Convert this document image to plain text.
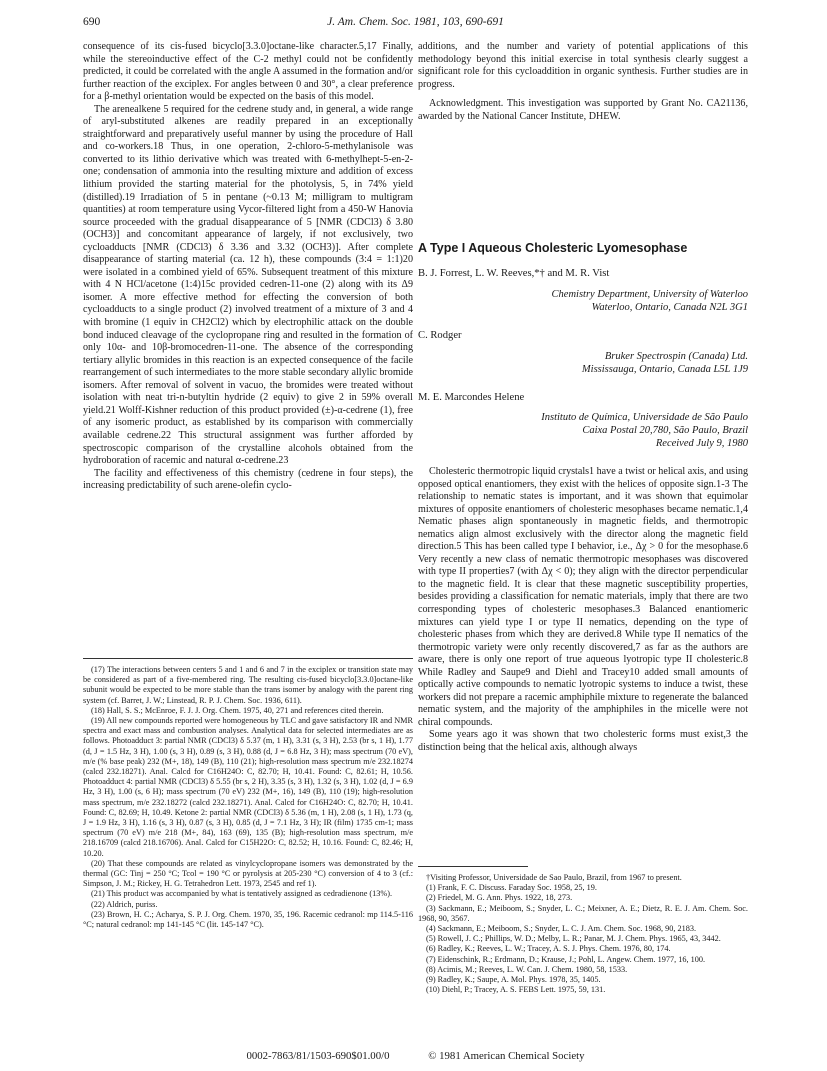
690	J. Am. Chem. Soc. 1981, 103, 690-691

consequence of its cis-fused bicyclo[3.3.0]octane-like character.5,17 Finally, while the stereoinductive effect of the C-2 methyl could not be confidently predicted, it could be correlated with the angle A assumed in the formation and/or further reaction of the exciplex. For angles between 0 and 30°, a clear preference for a β-methyl orientation would be expected on the basis of this model.

The arenealkene 5 required for the cedrene study and, in general, a wide range of aryl-substituted alkenes are readily prepared in an exceptionally straightforward and preparatively useful manner by using the procedure of Hall and co-workers.18 Thus, in one operation, 2-chloro-5-methylanisole was converted to its lithio derivative which was treated with 6-methylhept-5-en-2-one; condensation of ammonia into the resulting mixture and addition of excess lithium provided the starting material for the photolysis, 5, in 74% yield (distilled).19 Irradiation of 5 in pentane (~0.13 M; milligram to multigram quantities) at room temperature using Vycor-filtered light from a 450-W Hanovia source proceeded with the gradual disappearance of 5 [NMR (CDCl3) δ 3.80 (OCH3)] and concomitant appearance of largely, if not exclusively, two cycloadducts [NMR (CDCl3) δ 3.36 and 3.32 (OCH3)]. After complete disappearance of starting material (ca. 12 h), these compounds (3:4 = 1:1)20 were isolated in a combined yield of 65%. Subsequent treatment of this mixture with 4 N HCl/acetone (1:4)15c provided cedren-11-one (2) along with its Δ9 isomer. A more effective method for effecting the conversion of both cycloadducts to a single product (2) involved treatment of a mixture of 3 and 4 with bromine (1 equiv in CH2Cl2) which by electrophilic attack on the double bond induced cleavage of the cyclopropane ring and resulted in the formation of only 10α- and 10β-bromocedren-11-one. The absence of the corresponding tertiary allylic bromides in this reaction is an expected consequence of the facile rearrangement of such intermediates to the more stable secondary allylic bromide isomers. After removal of solvent in vacuo, the bromides were treated without isolation with neat tri-n-butyltin hydride (2 equiv) to give 2 in 59% overall yield.21 Wolff-Kishner reduction of this product provided (±)-α-cedrene (1), free of any isomeric product, as established by its comparison with commercially available cedrene.22 This structural assignment was further afforded by spectroscopic comparison of the crystalline alcohols obtained from the hydroboration of racemic and natural α-cedrene.23

The facility and effectiveness of this chemistry (cedrene in four steps), the increasing predictability of such arene-olefin cyclo-

(17) The interactions between centers 5 and 1 and 6 and 7 in the exciplex or transition state may be considered as part of a five-membered ring. The resulting cis-fused bicyclo[3.3.0]octane-like subunit would be expected to be more stable than the trans isomer by analogy with the parent ring system (cf. Barret, J. W.; Linstead, R. P. J. Chem. Soc. 1936, 611).

(18) Hall, S. S.; McEnroe, F. J. J. Org. Chem. 1975, 40, 271 and references cited therein.

(19) All new compounds reported were homogeneous by TLC and gave satisfactory IR and NMR spectra and exact mass and combustion analyses. Analytical data for selected intermediates are as follows. Photoadduct 3: partial NMR (CDCl3) δ 5.37 (m, 1 H), 3.31 (s, 3 H), 2.53 (br s, 1 H), 1.77 (d, J = 1.5 Hz, 3 H), 1.00 (s, 3 H), 0.89 (s, 3 H), 0.88 (d, J = 6.8 Hz, 3 H); mass spectrum (70 eV), m/e (% base peak) 232 (M+, 18), 149 (B), 110 (21); high-resolution mass spectrum m/e 232.18274 (calcd 232.18271). Anal. Calcd for C16H24O: C, 82.70; H, 10.41. Found: C, 82.61; H, 10.56. Photoadduct 4: partial NMR (CDCl3) δ 5.55 (br s, 2 H), 3.35 (s, 3 H), 1.32 (s, 3 H), 1.02 (d, J = 6.9 Hz, 3 H), 1.00 (s, 6 H); mass spectrum (70 eV) 232 (M+, 16), 149 (B), 110 (19); high-resolution mass spectrum, m/e 232.18272 (calcd 232.18271). Anal. Calcd for C16H24O: C, 82.70; H, 10.41. Found: C, 82.69; H, 10.49. Ketone 2: partial NMR (CDCl3) δ 5.36 (m, 1 H), 2.08 (s, 1 H), 1.73 (q, J = 1.9 Hz, 3 H), 1.16 (s, 3 H), 0.87 (s, 3 H), 0.85 (d, J = 7.1 Hz, 3 H); IR (film) 1735 cm-1; mass spectrum (70 eV) m/e 218 (M+, 84), 163 (69), 135 (B); high-resolution mass spectrum, m/e 218.16709 (calcd 218.16706). Anal. Calcd for C15H22O: C, 82.52; H, 10.16. Found: C, 82.46; H, 10.20.

(20) That these compounds are related as vinylcyclopropane isomers was demonstrated by the thermal (GC: Tinj = 250 °C; Tcol = 190 °C or pyrolysis at 205-230 °C) conversion of 4 to 3 (cf.: Simpson, J. M.; Rickey, H. G. Tetrahedron Lett. 1973, 2545 and ref 1).

(21) This product was accompanied by what is tentatively assigned as cedradienone (13%).

(22) Aldrich, puriss.

(23) Brown, H. C.; Acharya, S. P. J. Org. Chem. 1970, 35, 196. Racemic cedranol: mp 114.5-116 °C; natural cedranol: mp 141-145 °C (lit. 145-147 °C).

additions, and the number and variety of potential applications of this methodology beyond this initial exercise in total synthesis clearly suggest a significant role for this cycloaddition in organic synthesis. Further studies are in progress.

Acknowledgment. This investigation was supported by Grant No. CA21136, awarded by the National Cancer Institute, DHEW.

A Type I Aqueous Cholesteric Lyomesophase
B. J. Forrest, L. W. Reeves,*† and M. R. Vist
Chemistry Department, University of Waterloo
Waterloo, Ontario, Canada N2L 3G1
C. Rodger
Bruker Spectrospin (Canada) Ltd.
Mississauga, Ontario, Canada L5L 1J9
M. E. Marcondes Helene
Instituto de Química, Universidade de São Paulo
Caixa Postal 20,780, São Paulo, Brazil
Received July 9, 1980

Cholesteric thermotropic liquid crystals1 have a twist or helical axis, and using opposed optical enantiomers, they exist with the helices of opposite sign.1-3 The relationship to nematic states is important, and it was shown that equimolar mixtures of opposite enantiomers of cholesteric mesophases became nematic.1,4 Nematic phases align spontaneously in magnetic fields, and thermotropic nematics align almost exclusively with the director along the magnetic field direction.5 This has been called type I behavior, i.e., Δχ > 0 for the mesophase.6 Very recently a new class of nematic thermotropic mesophases was discovered with type II properties7 (with Δχ < 0); they align with the director perpendicular to the magnetic field. It is clear that these magnetic susceptibility properties, besides providing a classification for nematic materials, imply that there are two corresponding types of cholesteric mesophases.3 Balanced enantiomeric mixtures can yield type I or type II nematics, depending on the type of cholesteric phases from which they are derived.8 While type II nematics of the thermotropic variety were only recently discovered,7 as far as the authors are aware, there is only one report of true aqueous lyotropic type II cholesteric.8 While Radley and Saupe9 and Diehl and Tracey10 added small amounts of optically active compounds to nematic lyotropic systems to induce a twist, these workers did not prepare a racemic amphiphile mixture to regenerate the balanced nematic system, and the majority of the amphiphiles in the micelle were not chiral compounds.

Some years ago it was shown that two cholesteric forms must exist,3 the distinction being that the helical axis, although always

†Visiting Professor, Universidade de Sao Paulo, Brazil, from 1967 to present.

(1) Frank, F. C. Discuss. Faraday Soc. 1958, 25, 19.

(2) Friedel, M. G. Ann. Phys. 1922, 18, 273.

(3) Sackmann, E.; Meiboom, S.; Snyder, L. C.; Meixner, A. E.; Dietz, R. E. J. Am. Chem. Soc. 1968, 90, 3567.

(4) Sackmann, E.; Meiboom, S.; Snyder, L. C. J. Am. Chem. Soc. 1968, 90, 2183.

(5) Rowell, J. C.; Phillips, W. D.; Melby, L. R.; Panar, M. J. Chem. Phys. 1965, 43, 3442.

(6) Radley, K.; Reeves, L. W.; Tracey, A. S. J. Phys. Chem. 1976, 80, 174.

(7) Eidenschink, R.; Erdmann, D.; Krause, J.; Pohl, L. Angew. Chem. 1977, 16, 100.

(8) Acimis, M.; Reeves, L. W. Can. J. Chem. 1980, 58, 1533.

(9) Radley, K.; Saupe, A. Mol. Phys. 1978, 35, 1405.

(10) Diehl, P.; Tracey, A. S. FEBS Lett. 1975, 59, 131.

0002-7863/81/1503-690$01.00/0	© 1981 American Chemical Society
